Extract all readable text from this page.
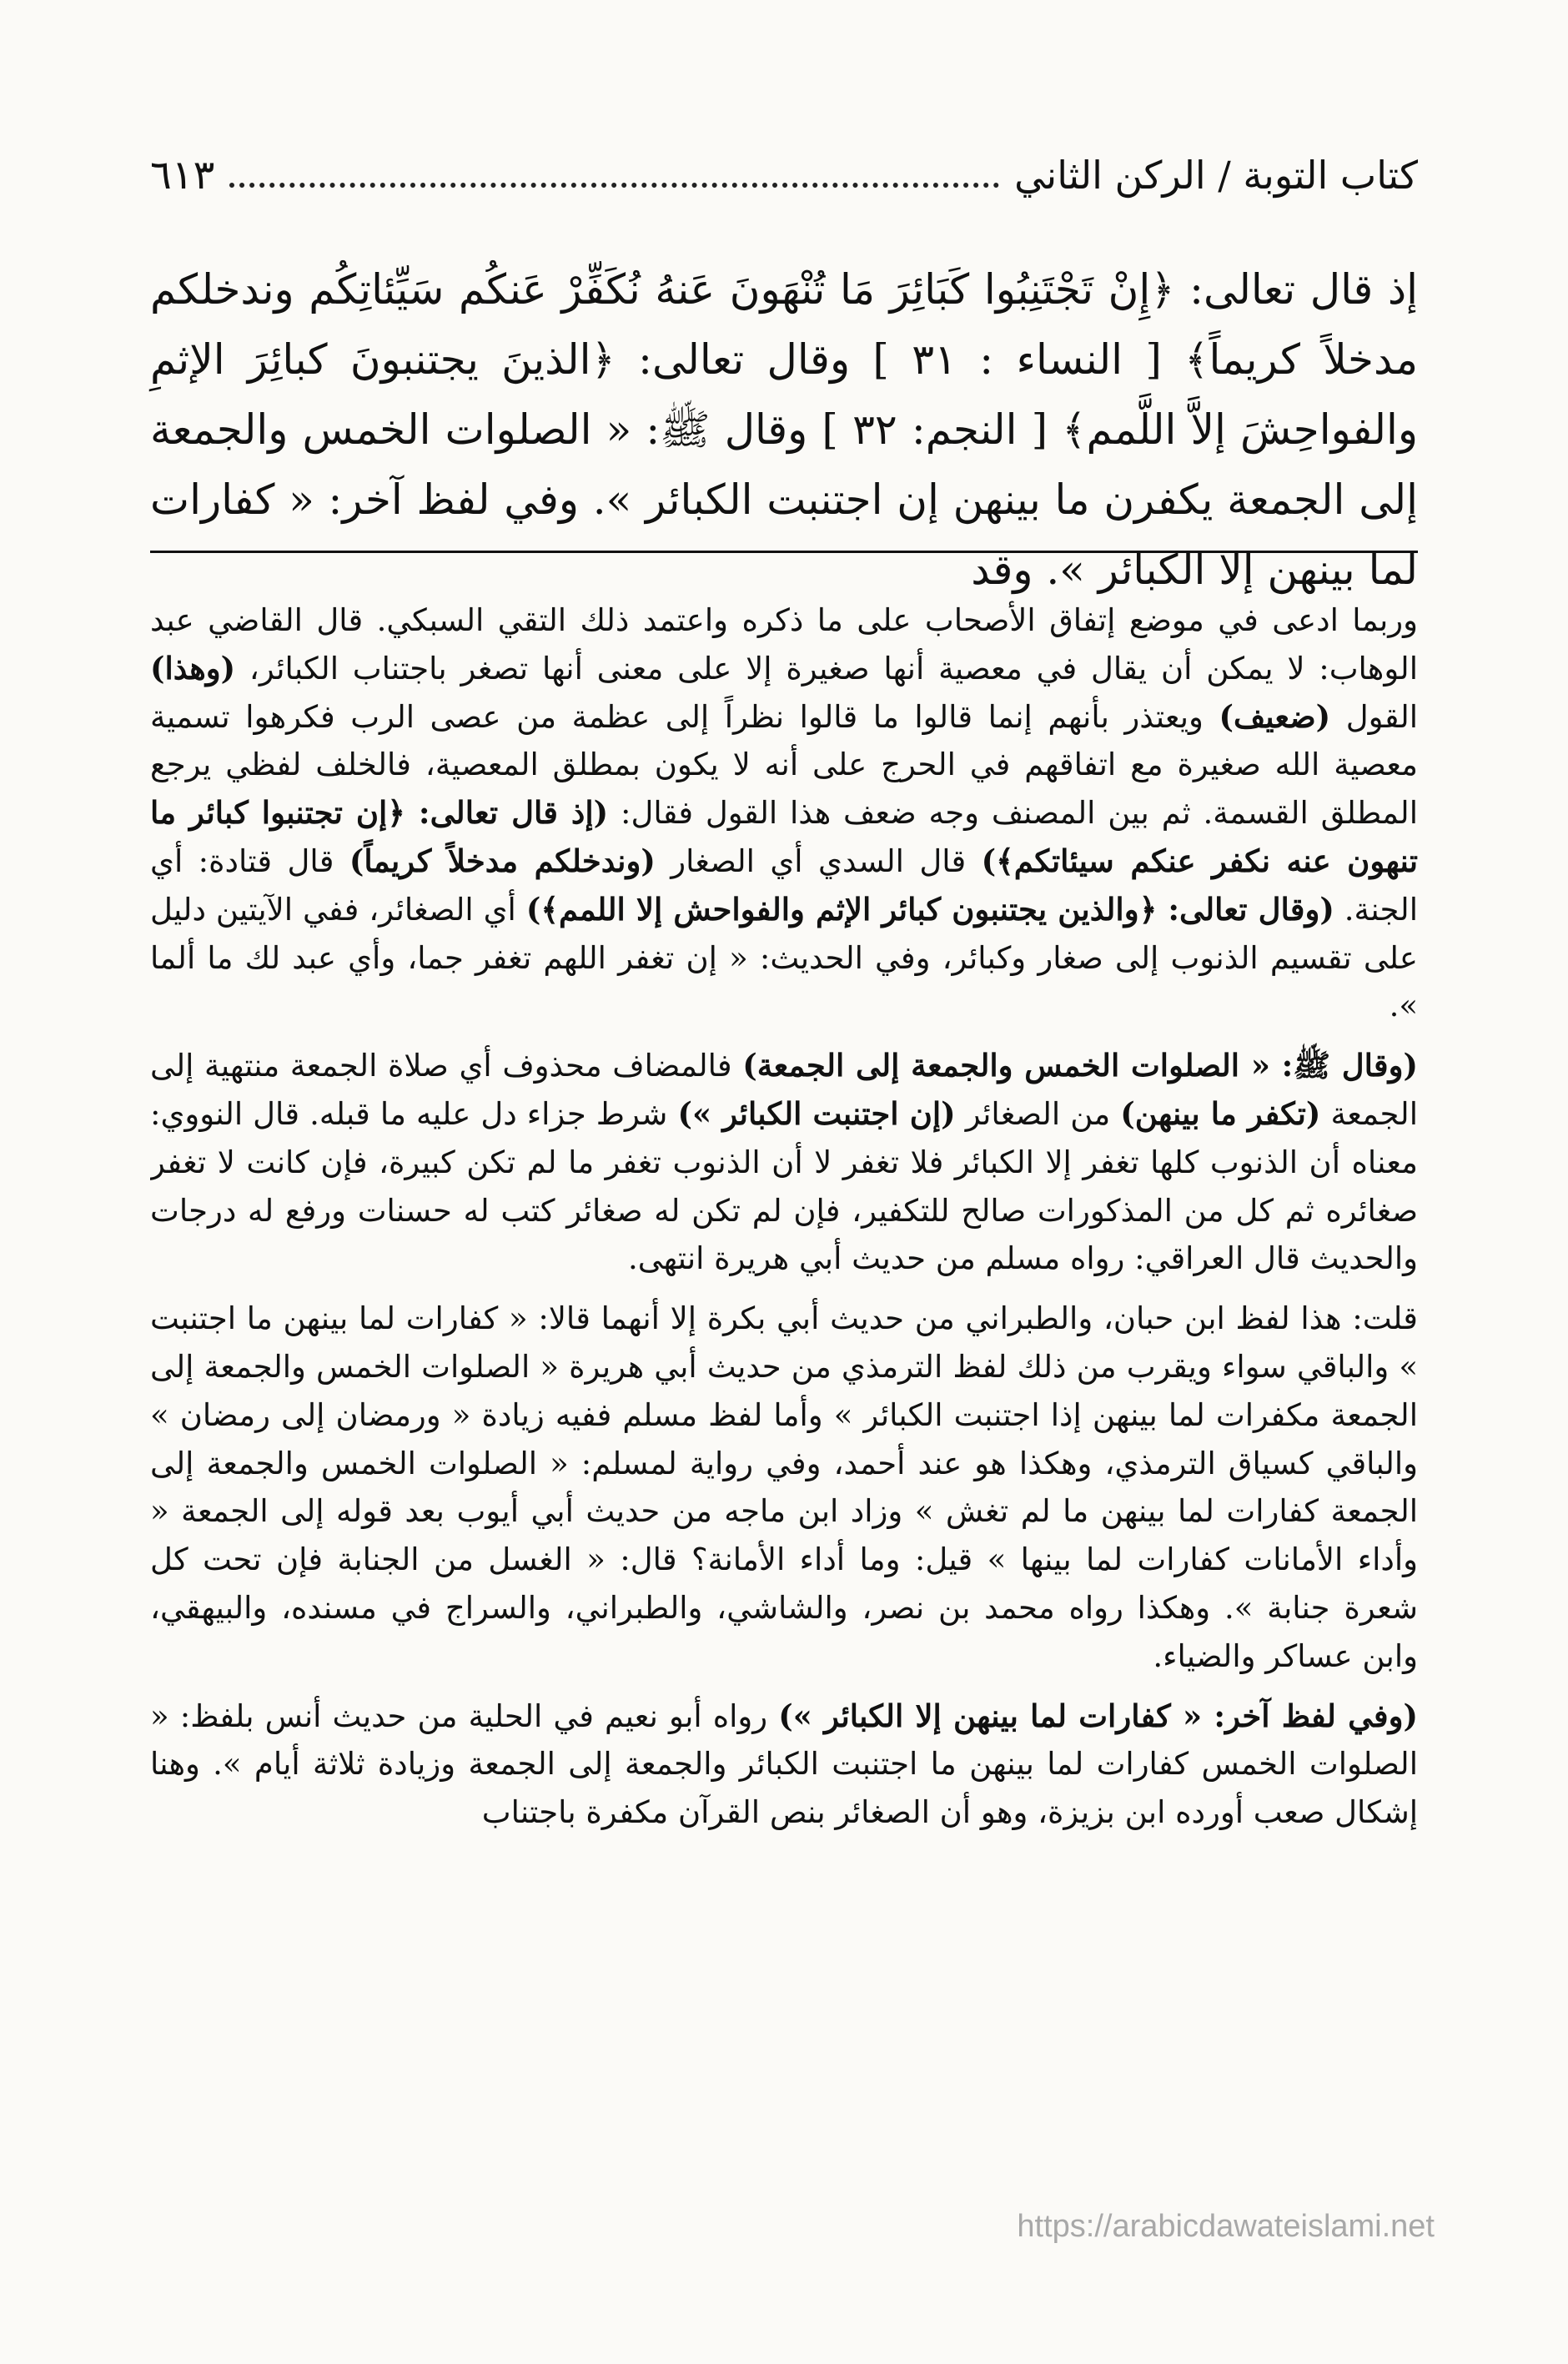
كتاب التوبة / الركن الثاني
٦١٣

إذ قال تعالى: ﴿إِنْ تَجْتَنِبُوا كَبَائِرَ مَا تُنْهَونَ عَنهُ نُكَفِّرْ عَنكُم سَيِّئاتِكُم وندخلكم مدخلاً كريماً﴾ [ النساء : ٣١ ] وقال تعالى: ﴿الذينَ يجتنبونَ كبائِرَ الإثمِ والفواحِشَ إلاَّ اللَّمم﴾ [ النجم: ٣٢ ] وقال ﷺ: « الصلوات الخمس والجمعة إلى الجمعة يكفرن ما بينهن إن اجتنبت الكبائر ». وفي لفظ آخر: « كفارات لما بينهن إلا الكبائر ». وقد

وربما ادعى في موضع إتفاق الأصحاب على ما ذكره واعتمد ذلك التقي السبكي. قال القاضي عبد الوهاب: لا يمكن أن يقال في معصية أنها صغيرة إلا على معنى أنها تصغر باجتناب الكبائر، (وهذا) القول (ضعيف) ويعتذر بأنهم إنما قالوا ما قالوا نظراً إلى عظمة من عصى الرب فكرهوا تسمية معصية الله صغيرة مع اتفاقهم في الحرج على أنه لا يكون بمطلق المعصية، فالخلف لفظي يرجع المطلق القسمة. ثم بين المصنف وجه ضعف هذا القول فقال: (إذ قال تعالى: ﴿إن تجتنبوا كبائر ما تنهون عنه نكفر عنكم سيئاتكم﴾) قال السدي أي الصغار (وندخلكم مدخلاً كريماً) قال قتادة: أي الجنة. (وقال تعالى: ﴿والذين يجتنبون كبائر الإثم والفواحش إلا اللمم﴾) أي الصغائر، ففي الآيتين دليل على تقسيم الذنوب إلى صغار وكبائر، وفي الحديث: « إن تغفر اللهم تغفر جما، وأي عبد لك ما ألما ».

(وقال ﷺ: « الصلوات الخمس والجمعة إلى الجمعة) فالمضاف محذوف أي صلاة الجمعة منتهية إلى الجمعة (تكفر ما بينهن) من الصغائر (إن اجتنبت الكبائر ») شرط جزاء دل عليه ما قبله. قال النووي: معناه أن الذنوب كلها تغفر إلا الكبائر فلا تغفر لا أن الذنوب تغفر ما لم تكن كبيرة، فإن كانت لا تغفر صغائره ثم كل من المذكورات صالح للتكفير، فإن لم تكن له صغائر كتب له حسنات ورفع له درجات والحديث قال العراقي: رواه مسلم من حديث أبي هريرة انتهى.

قلت: هذا لفظ ابن حبان، والطبراني من حديث أبي بكرة إلا أنهما قالا: « كفارات لما بينهن ما اجتنبت » والباقي سواء ويقرب من ذلك لفظ الترمذي من حديث أبي هريرة « الصلوات الخمس والجمعة إلى الجمعة مكفرات لما بينهن إذا اجتنبت الكبائر » وأما لفظ مسلم ففيه زيادة « ورمضان إلى رمضان » والباقي كسياق الترمذي، وهكذا هو عند أحمد، وفي رواية لمسلم: « الصلوات الخمس والجمعة إلى الجمعة كفارات لما بينهن ما لم تغش » وزاد ابن ماجه من حديث أبي أيوب بعد قوله إلى الجمعة « وأداء الأمانات كفارات لما بينها » قيل: وما أداء الأمانة؟ قال: « الغسل من الجنابة فإن تحت كل شعرة جنابة ». وهكذا رواه محمد بن نصر، والشاشي، والطبراني، والسراج في مسنده، والبيهقي، وابن عساكر والضياء.

(وفي لفظ آخر: « كفارات لما بينهن إلا الكبائر ») رواه أبو نعيم في الحلية من حديث أنس بلفظ: « الصلوات الخمس كفارات لما بينهن ما اجتنبت الكبائر والجمعة إلى الجمعة وزيادة ثلاثة أيام ». وهنا إشكال صعب أورده ابن بزيزة، وهو أن الصغائر بنص القرآن مكفرة باجتناب

https://arabicdawateislami.net
